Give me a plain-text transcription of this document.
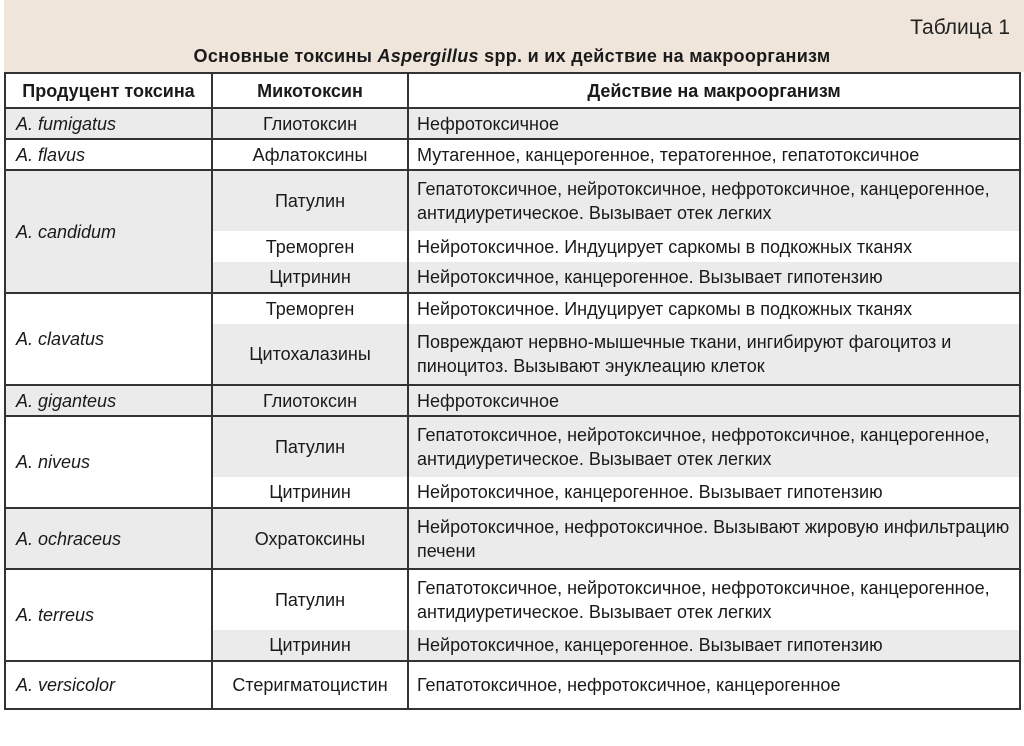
Таблица 1
Основные токсины Aspergillus spp. и их действие на макроорганизм
Продуцент токсина	Микотоксин	Действие на макроорганизм
A. fumigatus	Глиотоксин	Нефротоксичное
A. flavus	Афлатоксины	Мутагенное, канцерогенное, тератогенное, гепатотоксичное
A. candidum	Патулин	Гепатотоксичное, нейротоксичное, нефротоксичное, канцерогенное, антидиуретическое. Вызывает отек легких
	Треморген	Нейротоксичное. Индуцирует саркомы в подкожных тканях
	Цитринин	Нейротоксичное, канцерогенное. Вызывает гипотензию
A. clavatus	Треморген	Нейротоксичное. Индуцирует саркомы в подкожных тканях
	Цитохалазины	Повреждают нервно-мышечные ткани, ингибируют фагоцитоз и пиноцитоз. Вызывают энуклеацию клеток
A. giganteus	Глиотоксин	Нефротоксичное
A. niveus	Патулин	Гепатотоксичное, нейротоксичное, нефротоксичное, канцерогенное, антидиуретическое. Вызывает отек легких
	Цитринин	Нейротоксичное, канцерогенное. Вызывает гипотензию
A. ochraceus	Охратоксины	Нейротоксичное, нефротоксичное. Вызывают жировую инфильтрацию печени
A. terreus	Патулин	Гепатотоксичное, нейротоксичное, нефротоксичное, канцерогенное, антидиуретическое. Вызывает отек легких
	Цитринин	Нейротоксичное, канцерогенное. Вызывает гипотензию
A. versicolor	Стеригматоцистин	Гепатотоксичное, нефротоксичное, канцерогенное
